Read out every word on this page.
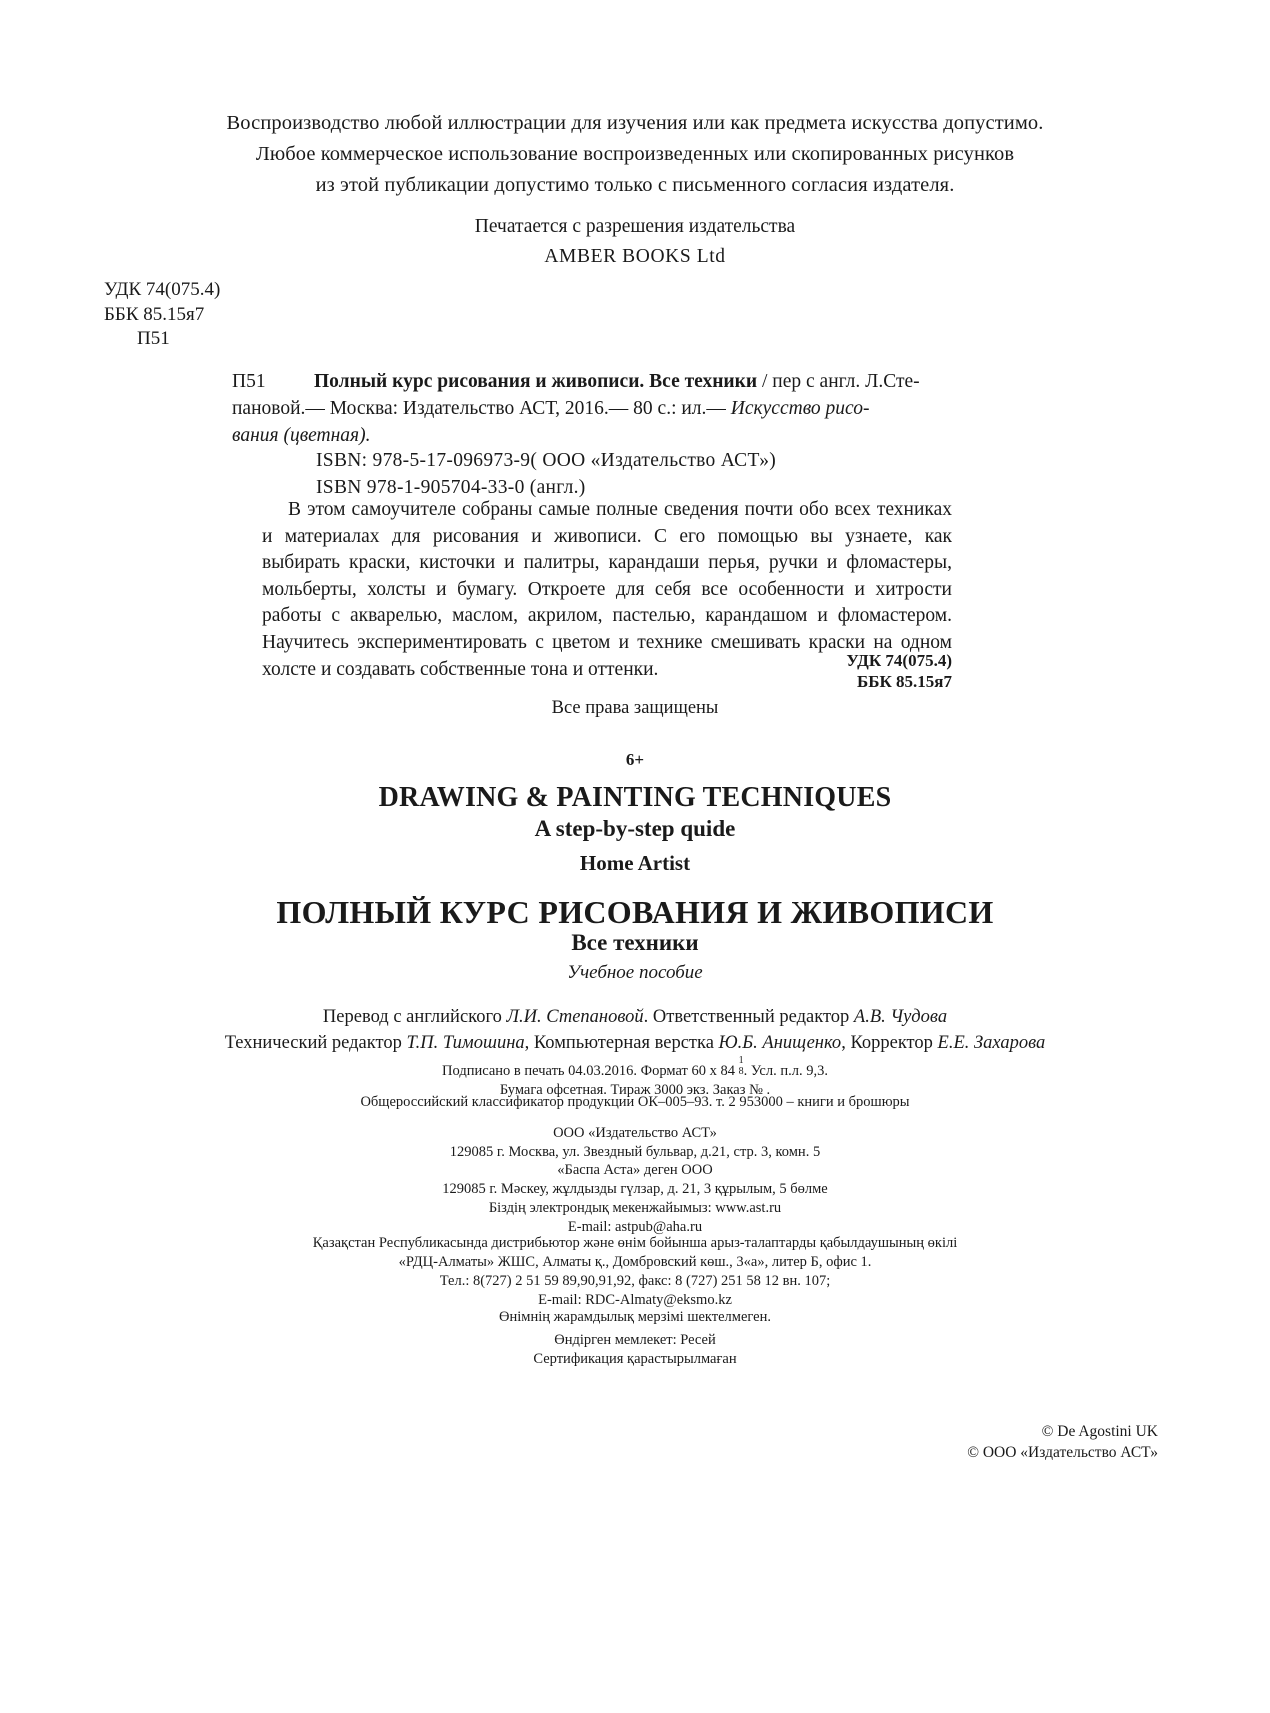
Воспроизводство любой иллюстрации для изучения или как предмета искусства допустимо.
Любое коммерческое использование воспроизведенных или скопированных рисунков
из этой публикации допустимо только с письменного согласия издателя.
Печатается с разрешения издательства
AMBER BOOKS Ltd
УДК 74(075.4)
ББК 85.15я7
П51
П51	Полный курс рисования и живописи. Все техники / пер с англ. Л.Сте-
пановой.— Москва: Издательство АСТ, 2016.— 80 с.: ил.— Искусство рисо-
вания (цветная).
ISBN: 978-5-17-096973-9( ООО «Издательство АСТ»)
ISBN 978-1-905704-33-0 (англ.)

В этом самоучителе собраны самые полные сведения почти обо всех техниках и материалах для рисования и живописи. С его помощью вы узнаете, как выбирать краски, кисточки и палитры, карандаши перья, ручки и фломастеры, мольберты, холсты и бумагу. Откроете для себя все особенности и хитрости работы с акварелью, маслом, акрилом, пастелью, карандашом и фломастером. Научитесь экспериментировать с цветом и технике смешивать краски на одном холсте и создавать собственные тона и оттенки.	УДК 74(075.4)
ББК 85.15я7
Все права защищены
6+
DRAWING & PAINTING TECHNIQUES
A step-by-step quide
Home Artist
ПОЛНЫЙ КУРС РИСОВАНИЯ И ЖИВОПИСИ
Все техники
Учебное пособие
Перевод с английского Л.И. Степановой. Ответственный редактор А.В. Чудова
Технический редактор Т.П. Тимошина, Компьютерная верстка Ю.Б. Анищенко, Корректор Е.Е. Захарова
Подписано в печать 04.03.2016. Формат 60 х 84
1
8 . Усл. п.л. 9,3.
Бумага офсетная. Тираж 3000 экз. Заказ № .
Общероссийский классификатор продукции ОК–005–93. т. 2 953000 – книги и брошюры
ООО «Издательство АСТ»
129085 г. Москва, ул. Звездный бульвар, д.21, стр. 3, комн. 5
«Баспа Аста» деген ООО
129085 г. Мәскеу, жұлдызды гүлзар, д. 21, 3 құрылым, 5 бөлме
Біздің электрондық мекенжайымыз: www.ast.ru
E-mail: astpub@aha.ru
Қазақстан Республикасында дистрибьютор және өнім бойынша арыз-талаптарды қабылдаушының өкілі
«РДЦ-Алматы» ЖШС, Алматы қ., Домбровский көш., 3«а», литер Б, офис 1.
Тел.: 8(727) 2 51 59 89,90,91,92, факс: 8 (727) 251 58 12 вн. 107;
E-mail: RDC-Almaty@eksmo.kz
Өнімнің жарамдылық мерзімі шектелмеген.
Өндірген мемлекет: Ресей
Сертификация қарастырылмаған
© De Agostini UK
© ООО «Издательство АСТ»
